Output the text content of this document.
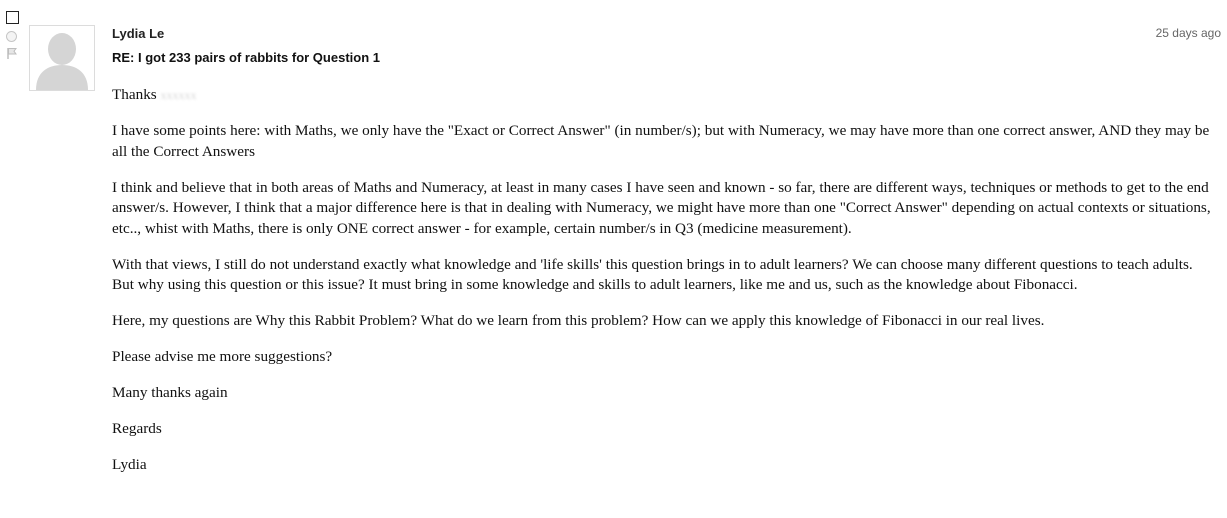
Lydia Le	25 days ago
RE: I got 233 pairs of rabbits for Question 1

Thanks xxxxxx

I have some points here: with Maths, we only have the "Exact or Correct Answer" (in number/s); but with Numeracy, we may have more than one correct answer, AND they may be all the Correct Answers

I think and believe that in both areas of Maths and Numeracy, at least in many cases I have seen and known - so far, there are different ways, techniques or methods to get to the end answer/s. However, I think that a major difference here is that in dealing with Numeracy, we might have more than one "Correct Answer" depending on actual contexts or situations, etc.., whist with Maths, there is only ONE correct answer - for example, certain number/s in Q3 (medicine measurement).

With that views, I still do not understand exactly what knowledge and 'life skills' this question brings in to adult learners? We can choose many different questions to teach adults. But why using this question or this issue? It must bring in some knowledge and skills to adult learners, like me and us, such as the knowledge about Fibonacci.

Here, my questions are Why this Rabbit Problem? What do we learn from this problem? How can we apply this knowledge of Fibonacci in our real lives.

Please advise me more suggestions?

Many thanks again

Regards

Lydia
